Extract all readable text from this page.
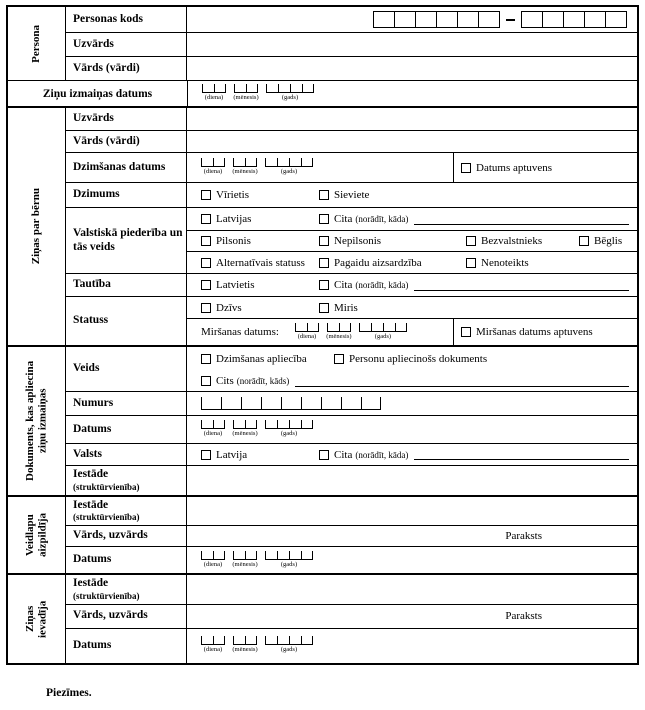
Persona
Personas kods
Uzvārds
Vārds (vārdi)
Ziņu izmaiņas datums	(diena) (mēnesis)	(gads)
Ziņas par bērnu
Uzvārds
Vārds (vārdi)
Dzimšanas datums	(diena) (mēnesis)	(gads)	Datums aptuvens
Dzimums	Vīrietis	Sieviete
Valstiskā piederība un tās veids
Latvijas	Cita (norādīt, kāda)
Pilsonis	Nepilsonis	Bezvalstnieks	Bēglis
Alternatīvais statuss	Pagaidu aizsardzība	Nenoteikts
Tautība	Latvietis	Cita (norādīt, kāda)
Statuss
Dzīvs	Miris
Miršanas datums:	(diena) (mēnesis)	(gads)	Miršanas datums aptuvens
Dokuments, kas apliecina ziņu izmaiņas
Veids
Dzimšanas apliecība	Personu apliecinošs dokuments
Cits (norādīt, kāds)
Numurs
Datums	(diena) (mēnesis)	(gads)
Valsts	Latvija	Cita (norādīt, kāda)
Iestāde
(struktūrvienība)
Veidlapu aizpildīja
Iestāde
(struktūrvienība)
Vārds, uzvārds	Paraksts
Datums	(diena) (mēnesis)	(gads)
Ziņas ievadīja
Iestāde
(struktūrvienība)
Vārds, uzvārds	Paraksts
Datums	(diena) (mēnesis)	(gads)
Piezīmes.
